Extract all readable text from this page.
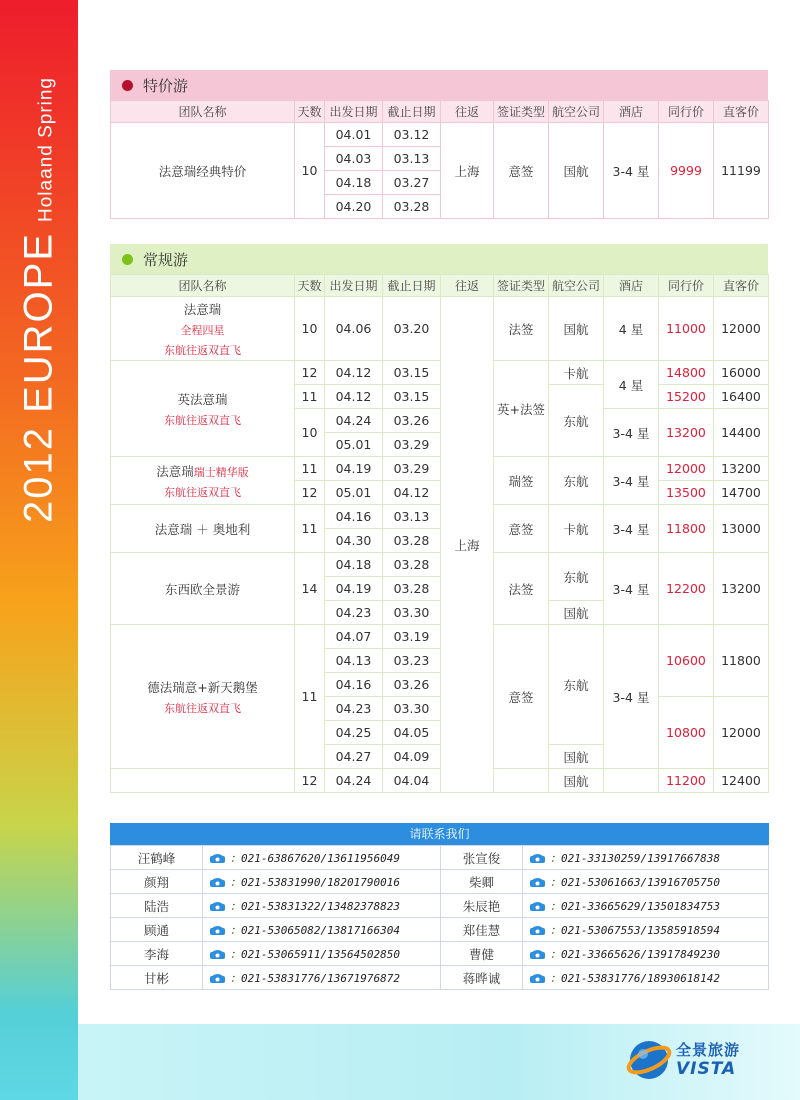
2012 EUROPEHolaand Spring	特价游
团队名称	天数	出发日期	截止日期	往返	签证类型	航空公司	酒店	同行价	直客价
法意瑞经典特价	10	04.01	03.12	上海	意签	国航	3-4 星	9999	11199
		04.03	03.13						
		04.18	03.27						
		04.20	03.28						
常规游
团队名称	天数	出发日期	截止日期	往返	签证类型	航空公司	酒店	同行价	直客价

法意瑞
全程四星
东航往返双直飞	10	04.06	03.20	上海	法签	国航	4 星	11000	12000

英法意瑞
东航往返双直飞	12	04.12	03.15		英+法签	卡航	4 星	14800	16000
	11	04.12	03.15			东航		15200	16400
	10	04.24	03.26				3-4 星	13200	14400
		05.01	03.29						

法意瑞瑞士精华版
东航往返双直飞	11	04.19	03.29		瑞签	东航	3-4 星	12000	13200
	12	05.01	04.12					13500	14700
法意瑞 ＋ 奥地利	11	04.16	03.13		意签	卡航	3-4 星	11800	13000
		04.30	03.28						
东西欧全景游	14	04.18	03.28		法签	东航	3-4 星	12200	13200
		04.19	03.28						
		04.23	03.30			国航			

德法瑞意+新天鹅堡
东航往返双直飞	11	04.07	03.19		意签	东航	3-4 星	10600	11800
		04.13	03.23						
		04.16	03.26						
		04.23	03.30					10800	12000
		04.25	04.05						
		04.27	04.09			国航			
	12	04.24	04.04			国航		11200	12400
请联系我们
汪鹤峰	：021-63867620/13611956049	张宣俊	：021-33130259/13917667838
颜翔	：021-53831990/18201790016	柴卿	：021-53061663/13916705750
陆浩	：021-53831322/13482378823	朱辰艳	：021-33665629/13501834753
顾通	：021-53065082/13817166304	郑佳慧	：021-53067553/13585918594
李海	：021-53065911/13564502850	曹健	：021-33665626/13917849230
甘彬	：021-53831776/13671976872	蒋晔诚	：021-53831776/18930618142
全景旅游
VISTA
